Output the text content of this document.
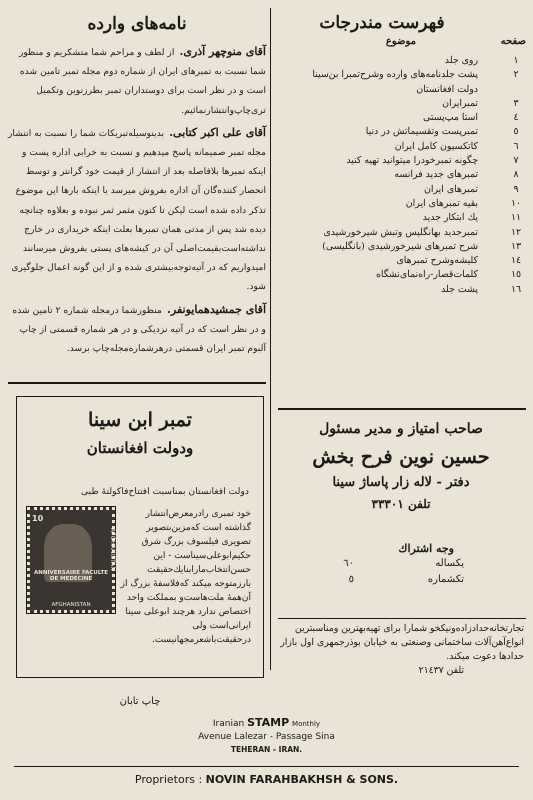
نامه‌های وارده
آقای منوچهر آذری. از لطف و مراحم شما متشکریم و منظور شما نسبت به تمبرهای ایران از شماره دوم مجله تمبر تامین شده است و در نظر است برای دوستداران تمبر بطرزنوین وتکمیل تری‌چاپ‌وانتشارنمائیم.
آقای علی اکبر کتابی. بدینوسیله‌تبریکات شما را نسبت به انتشار مجله تمبر صمیمانه پاسخ میدهیم و نسبت به خرابی اداره پست و اینکه تمبرها بلافاصله بعد از انتشار از قیمت خود گرانتر و توسط انحصار کننده‌گان آن اداره بفروش میرسد با اینکه بارها این موضوع تذکر داده شده است لیکن تا کنون مثمر ثمر نبوده و بعلاوه چنانچه دیده شد پس از مدتی همان تمبرها بعلت اینکه خریداری در خارج نداشته‌است‌بقیمت‌اصلی آن در کیشه‌های پستی بفروش میرسانند امیدواریم که در آتیه‌توجه‌بیشتری شده و از این گونه اعمال جلوگیری شود.
آقای جمشید‌همایونفر. منظورشما درمجله شماره ۲ تامین شده و در نظر است که در آتیه نزدیکی و در هر شماره قسمتی از چاپ آلبوم تمبر ایران قسمتی درهرشماره‌مجله‌چاپ برسد.
فهرست مندرجات
صفحه
موضوع
۱
روی جلد
۲
پشت جلدنامه‌های وارده وشرح‌تمبرا بن‌سینا
دولت افغانستان
۳
تمبرایران
٤
استا مپ‌پستی
٥
تمبرپست وتقسیماتش در دنیا
٦
کاتکسیون کامل ایران
۷
چگونه تمبرخودرا میتوانید تهیه کنید
۸
تمبرهای جدید فرانسه
۹
تمبرهای ایران
۱۰
بقیه تمبرهای ایران
۱۱
یك ابتکار جدید
۱۲
تمبرجدید بهانگلیس وتبش شیرخورشیدی
۱۳
شرح تمبرهای شیرخورشیدی (بانگلیسی)
۱٤
کلیشه‌وشرح تمبرهای
۱٥
کلمات‌قصار-راه‌نمای‌نشگاه
۱٦
پشت جلد
تمبر ابن سینا
ودولت افغانستان
دولت افغانستان بمناسبت افتتاح‌فاکولتهٔ طبی
ANNIVERSAIRE FACULTE DE MEDECINE
10
AFGHANISTAN
AFGHANISTAN
خود تمبری رادرمعرض‌انتشار گذاشته است که‌مزین‌بتصویر تصویری فیلسوف بزرگ شرق حکیم‌ابوعلی‌سیناست - این حسن‌انتخاب‌مارابنایك‌حقیقت بارزمتوجه میکند که‌فلاسفهٔ بزرگ از آن‌همهٔ ملت‌هاست‌و بمملکت واحد اختصاص ندارد هرچند ابوعلی سینا ایرانی‌است ولی درحقیقت‌باشعرمجهانیست.
صاحب امتیاز و مدیر مسئول
حسین نوین فرح بخش
دفتر - لاله زار پاساژ سینا
تلفن ۳۳۳۰۱
وجه اشتراك
یکساله
٦٠
تکشماره
٥
تجارتخانه‌حدادزاده‌و‌نیکخو شمارا برای تهیه‌بهترین ومناسبترین انواع‌آهن‌آلات ساختمانی وصنعتی به خیابان بوذرجمهری اول بازار حدادها دعوت میکند.
تلفن ۲۱٤۳۷
چاپ تابان
Iranian STAMP Monthly
Avenue Lalezar - Passage Sina
TEHERAN - IRAN.
Proprietors : NOVIN FARAHBAKHSH & SONS.
